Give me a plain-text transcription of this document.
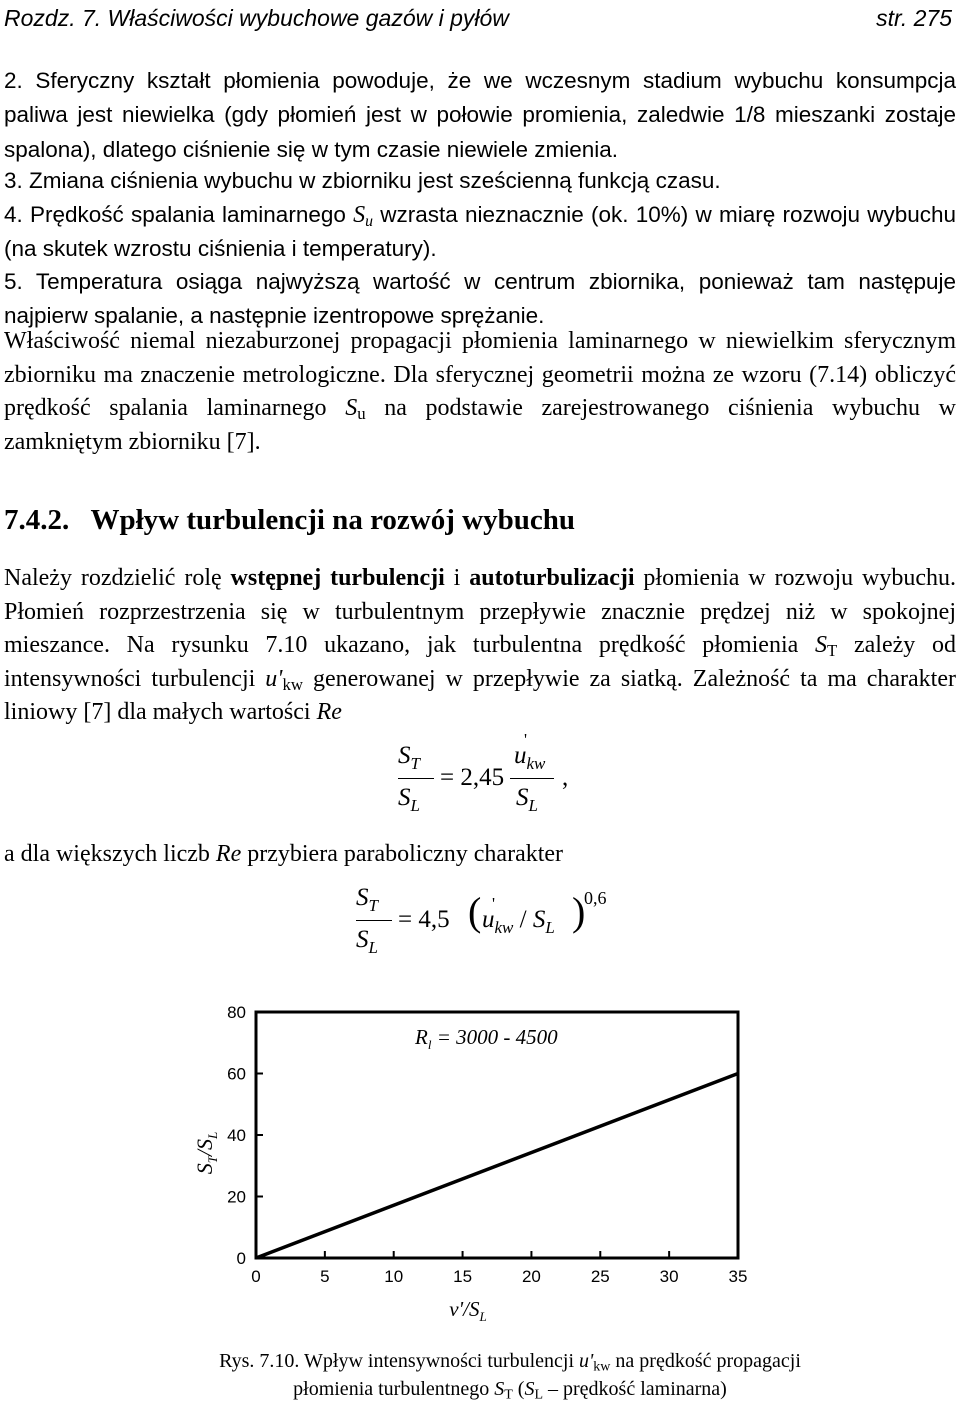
Rozdz. 7. Właściwości wybuchowe gazów i pyłów	str. 275

2. Sferyczny kształt płomienia powoduje, że we wczesnym stadium wybuchu konsumpcja paliwa jest niewielka (gdy płomień jest w połowie promienia, zaledwie 1/8 mieszanki zostaje spalona), dlatego ciśnienie się w tym czasie niewiele zmienia.

3. Zmiana ciśnienia wybuchu w zbiorniku jest sześcienną funkcją czasu.

4. Prędkość spalania laminarnego $S_u$ wzrasta nieznacznie (ok. 10%) w miarę rozwoju wybuchu (na skutek wzrostu ciśnienia i temperatury).

5. Temperatura osiąga najwyższą wartość w centrum zbiornika, ponieważ tam następuje najpierw spalanie, a następnie izentropowe sprężanie.

Właściwość niemal niezaburzonej propagacji płomienia laminarnego w niewielkim sferycznym zbiorniku ma znaczenie metrologiczne. Dla sferycznej geometrii można ze wzoru (7.14) obliczyć prędkość spalania laminarnego $S_u$ na podstawie zarejestrowanego ciśnienia wybuchu w zamkniętym zbiorniku [7].

7.4.2. Wpływ turbulencji na rozwój wybuchu

Należy rozdzielić rolę wstępnej turbulencji i autoturbulizacji płomienia w rozwoju wybuchu. Płomień rozprzestrzenia się w turbulentnym przepływie znacznie prędzej niż w spokojnej mieszance. Na rysunku 7.10 ukazano, jak turbulentna prędkość płomienia $S_T$ zależy od intensywności turbulencji $u'_{kw}$ generowanej w przepływie za siatką. Zależność ta ma charakter liniowy [7] dla małych wartości Re

$S_T$
$S_L$
= 2,45
u
'
$_{kw}$
$S_L$
,

a dla większych liczb Re przybiera paraboliczny charakter

$S_T$
$S_L$
= 4,5 ( u
'
$_{kw} / S_L$ )
0,6
0
20
40
60
80
0	5	10	15	20	25	30	35
$R_l = 3000 - 4500$
$v'/S_L$
$S_T/S_L$
Rys. 7.10. Wpływ intensywności turbulencji $u'_{kw}$ na prędkość propagacji
płomienia turbulentnego $S_T$ ($S_L$ – prędkość laminarna)
